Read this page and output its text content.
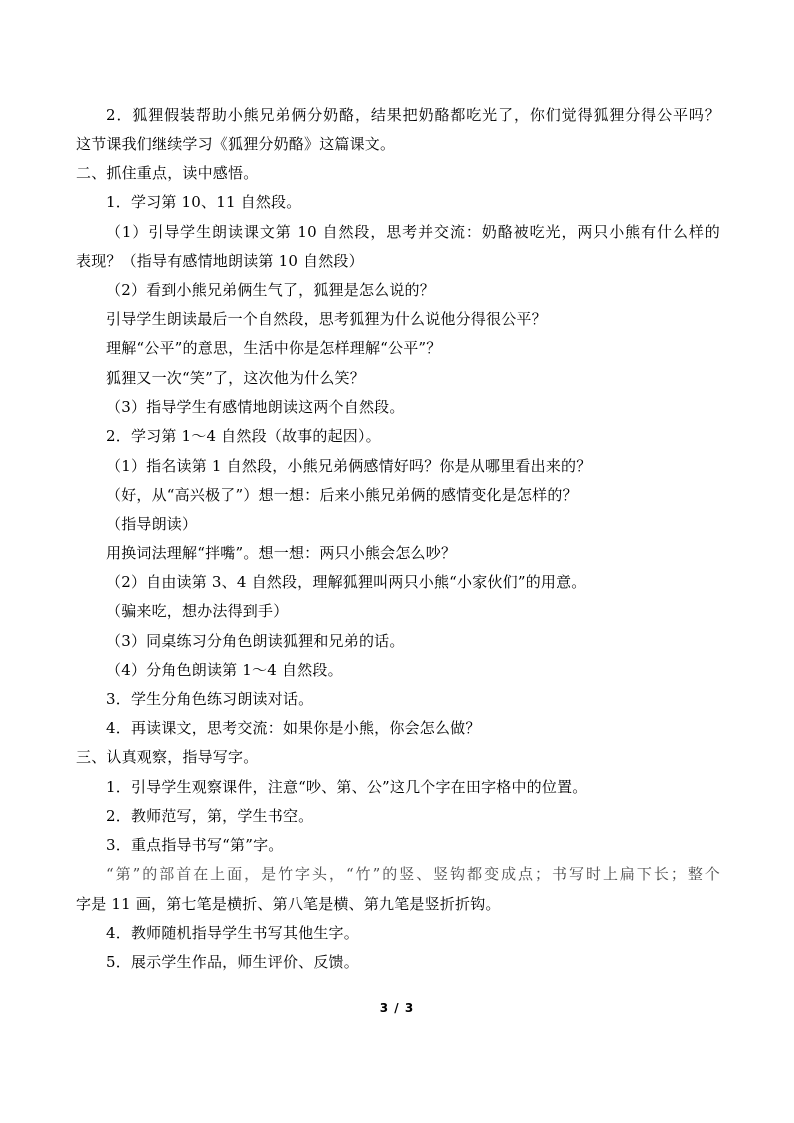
2．狐狸假装帮助小熊兄弟俩分奶酪，结果把奶酪都吃光了，你们觉得狐狸分得公平吗？
这节课我们继续学习《狐狸分奶酪》这篇课文。
二、抓住重点，读中感悟。
1．学习第 10、11 自然段。
（1）引导学生朗读课文第 10 自然段，思考并交流：奶酪被吃光，两只小熊有什么样的
表现？（指导有感情地朗读第 10 自然段）
（2）看到小熊兄弟俩生气了，狐狸是怎么说的？
引导学生朗读最后一个自然段，思考狐狸为什么说他分得很公平？
理解“公平”的意思，生活中你是怎样理解“公平”？
狐狸又一次“笑”了，这次他为什么笑？
（3）指导学生有感情地朗读这两个自然段。
2．学习第 1～4 自然段（故事的起因）。
（1）指名读第 1 自然段，小熊兄弟俩感情好吗？你是从哪里看出来的？
（好，从“高兴极了”）想一想：后来小熊兄弟俩的感情变化是怎样的？
（指导朗读）
用换词法理解“拌嘴”。想一想：两只小熊会怎么吵？
（2）自由读第 3、4 自然段，理解狐狸叫两只小熊“小家伙们”的用意。
（骗来吃，想办法得到手）
（3）同桌练习分角色朗读狐狸和兄弟的话。
（4）分角色朗读第 1～4 自然段。
3．学生分角色练习朗读对话。
4．再读课文，思考交流：如果你是小熊，你会怎么做？
三、认真观察，指导写字。
1．引导学生观察课件，注意“吵、第、公”这几个字在田字格中的位置。
2．教师范写，第，学生书空。
3．重点指导书写“第”字。
“第”的部首在上面，是竹字头，“竹”的竖、竖钩都变成点；书写时上扁下长；整个
字是 11 画，第七笔是横折、第八笔是横、第九笔是竖折折钩。
4．教师随机指导学生书写其他生字。
5．展示学生作品，师生评价、反馈。
3 / 3
